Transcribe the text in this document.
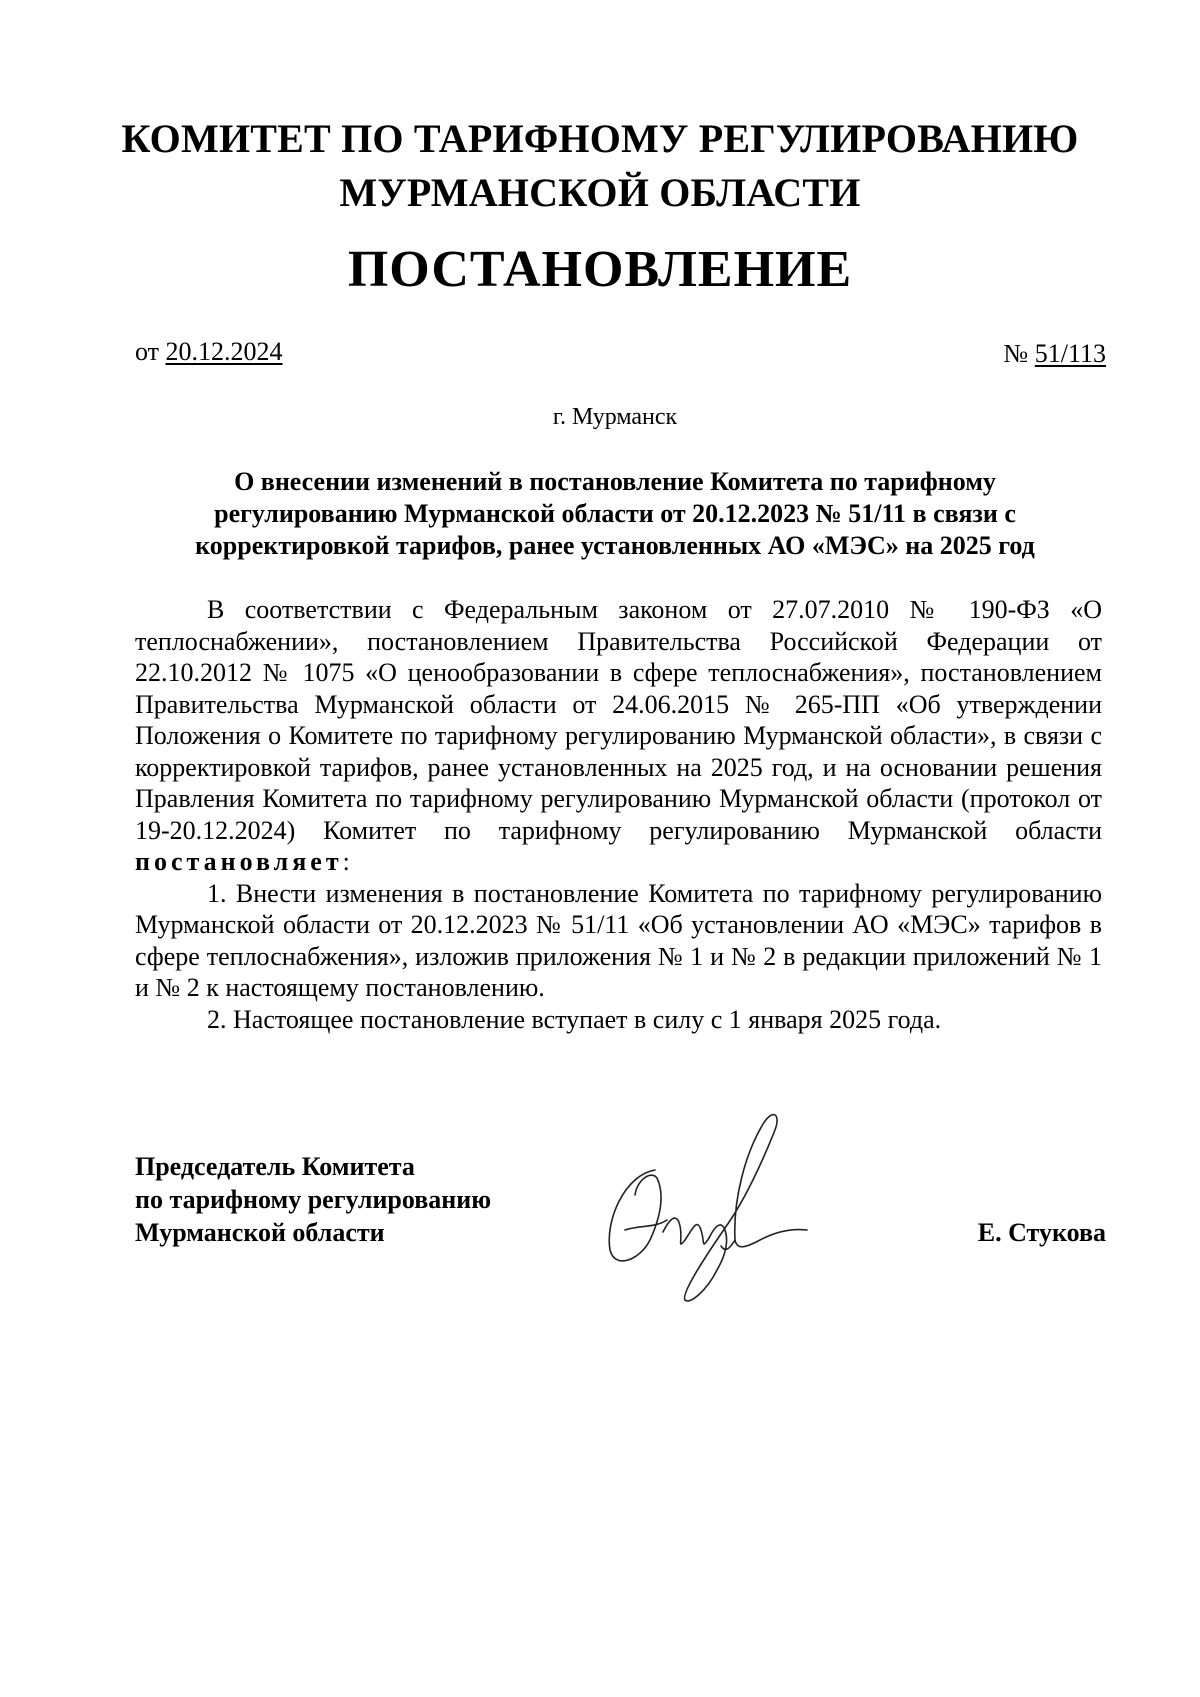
КОМИТЕТ ПО ТАРИФНОМУ РЕГУЛИРОВАНИЮ
МУРМАНСКОЙ ОБЛАСТИ
ПОСТАНОВЛЕНИЕ
от 20.12.2024	№ 51/113
г. Мурманск
О внесении изменений в постановление Комитета по тарифному
регулированию Мурманской области от 20.12.2023 № 51/11 в связи с
корректировкой тарифов, ранее установленных АО «МЭС» на 2025 год

В соответствии с Федеральным законом от 27.07.2010 № 190-ФЗ «О теплоснабжении», постановлением Правительства Российской Федерации от 22.10.2012 № 1075 «О ценообразовании в сфере теплоснабжения», постановлением Правительства Мурманской области от 24.06.2015 № 265-ПП «Об утверждении Положения о Комитете по тарифному регулированию Мурманской области», в связи с корректировкой тарифов, ранее установленных на 2025 год, и на основании решения Правления Комитета по тарифному регулированию Мурманской области (протокол от 19-20.12.2024) Комитет по тарифному регулированию Мурманской области постановляет:

1. Внести изменения в постановление Комитета по тарифному регулированию Мурманской области от 20.12.2023 № 51/11 «Об установлении АО «МЭС» тарифов в сфере теплоснабжения», изложив приложения № 1 и № 2 в редакции приложений № 1 и № 2 к настоящему постановлению.

2. Настоящее постановление вступает в силу с 1 января 2025 года.

Председатель Комитета
по тарифному регулированию
Мурманской области	Е. Стукова
